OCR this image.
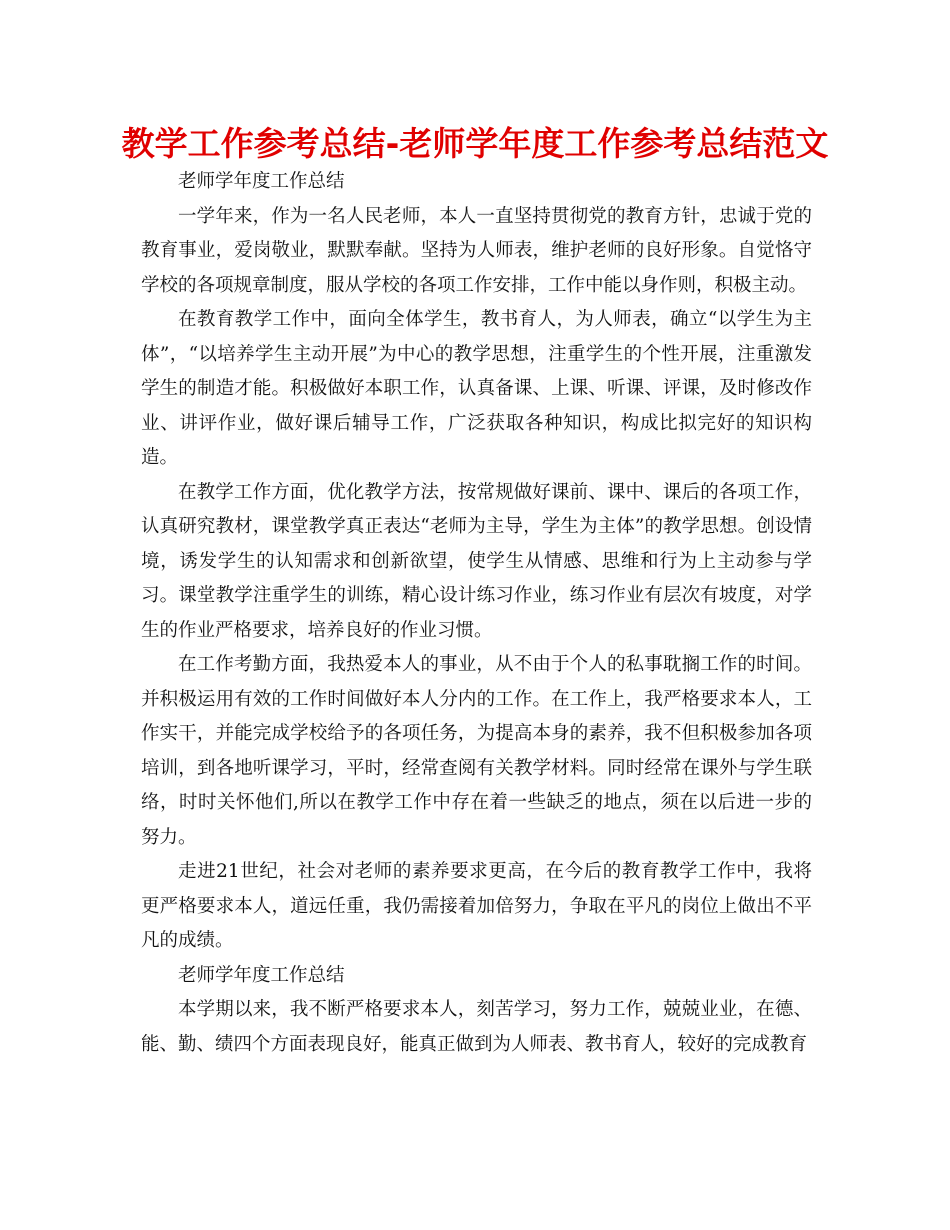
教学工作参考总结-老师学年度工作参考总结范文

老师学年度工作总结

一学年来，作为一名人民老师，本人一直坚持贯彻党的教育方针，忠诚于党的教育事业，爱岗敬业，默默奉献。坚持为人师表，维护老师的良好形象。自觉恪守学校的各项规章制度，服从学校的各项工作安排，工作中能以身作则，积极主动。

在教育教学工作中，面向全体学生，教书育人，为人师表，确立“以学生为主体”，“以培养学生主动开展”为中心的教学思想，注重学生的个性开展，注重激发学生的制造才能。积极做好本职工作，认真备课、上课、听课、评课，及时修改作业、讲评作业，做好课后辅导工作，广泛获取各种知识，构成比拟完好的知识构造。

在教学工作方面，优化教学方法，按常规做好课前、课中、课后的各项工作，认真研究教材，课堂教学真正表达“老师为主导，学生为主体”的教学思想。创设情境，诱发学生的认知需求和创新欲望，使学生从情感、思维和行为上主动参与学习。课堂教学注重学生的训练，精心设计练习作业，练习作业有层次有坡度，对学生的作业严格要求，培养良好的作业习惯。

在工作考勤方面，我热爱本人的事业，从不由于个人的私事耽搁工作的时间。并积极运用有效的工作时间做好本人分内的工作。在工作上，我严格要求本人，工作实干，并能完成学校给予的各项任务，为提高本身的素养，我不但积极参加各项培训，到各地听课学习，平时，经常查阅有关教学材料。同时经常在课外与学生联络，时时关怀他们,所以在教学工作中存在着一些缺乏的地点，须在以后进一步的努力。

走进21世纪，社会对老师的素养要求更高，在今后的教育教学工作中，我将更严格要求本人，道远任重，我仍需接着加倍努力，争取在平凡的岗位上做出不平凡的成绩。

老师学年度工作总结

本学期以来，我不断严格要求本人，刻苦学习，努力工作，兢兢业业，在德、能、勤、绩四个方面表现良好，能真正做到为人师表、教书育人，较好的完成教育
